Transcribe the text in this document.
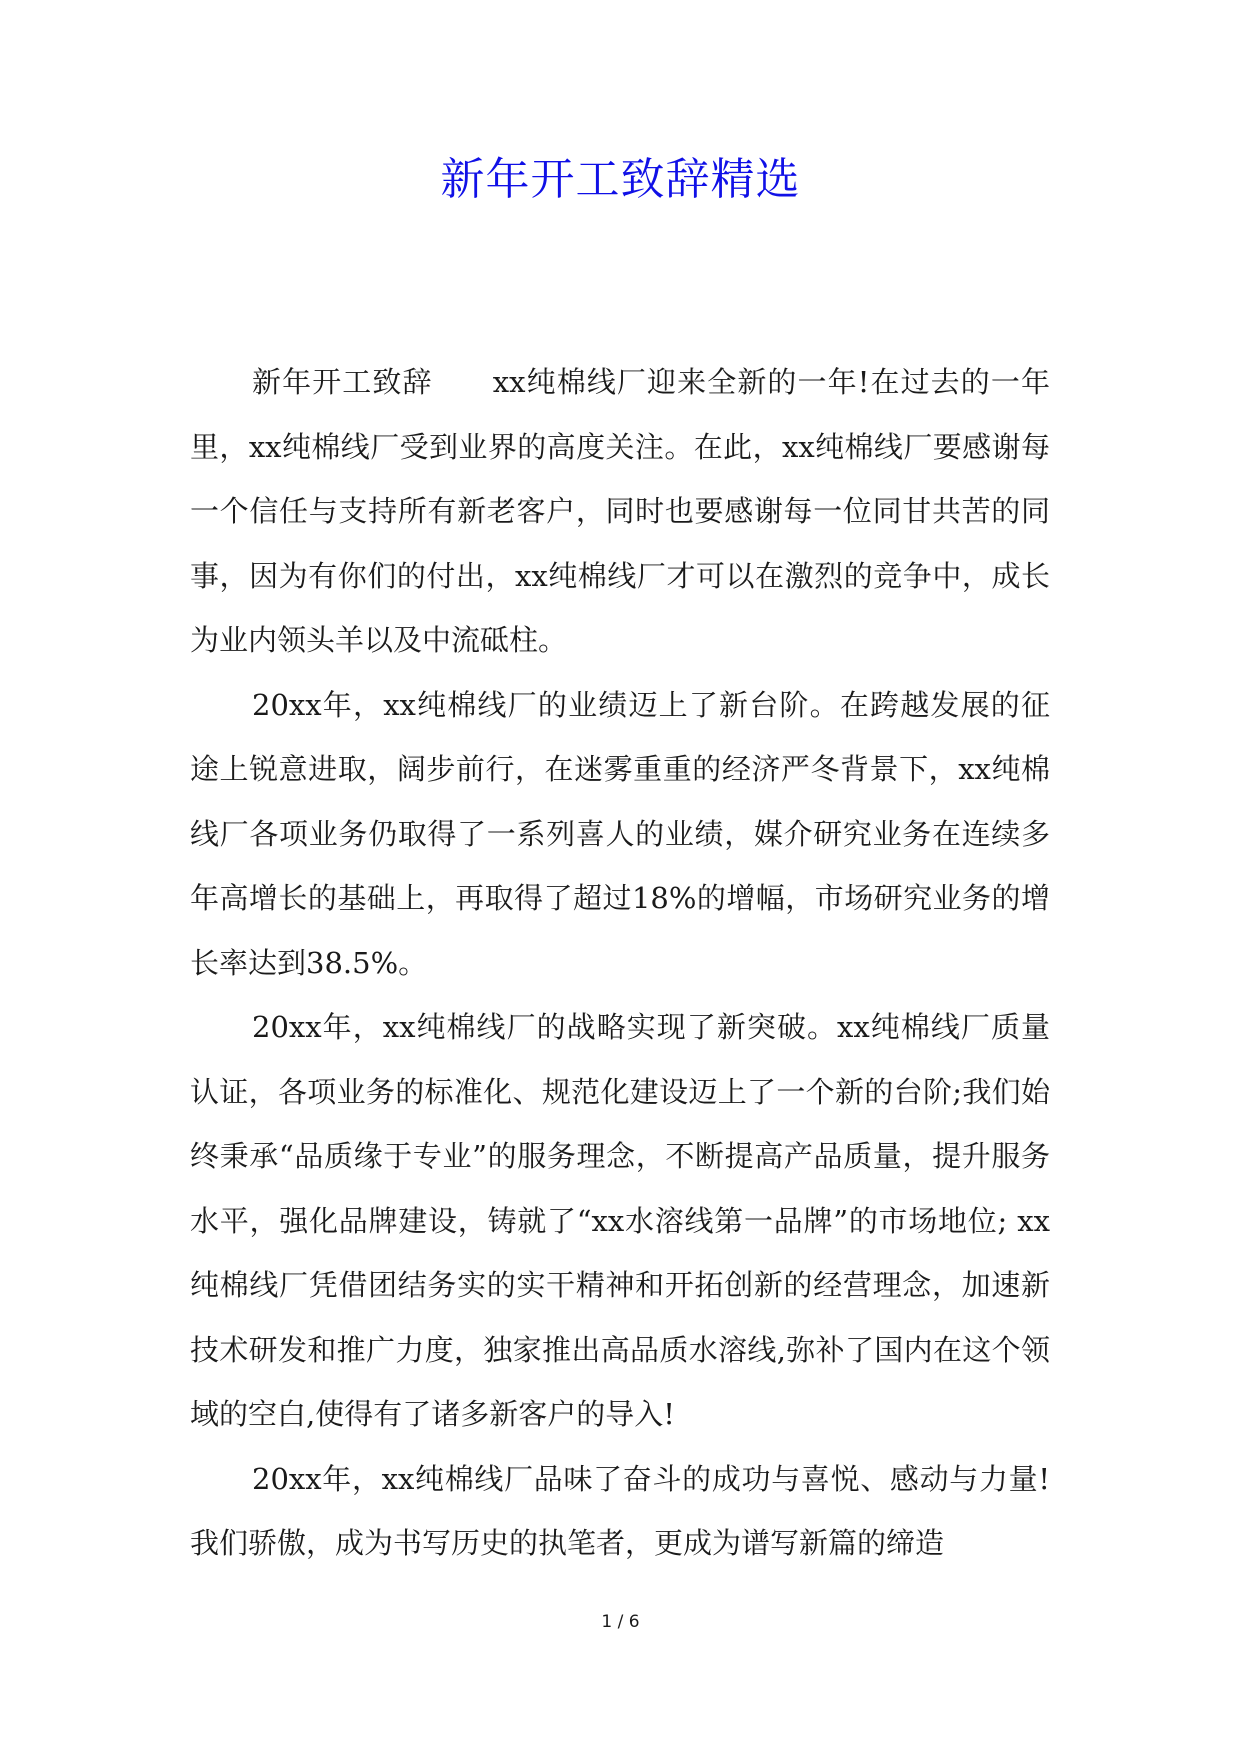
新年开工致辞精选

新年开工致辞　　xx纯棉线厂迎来全新的一年!在过去的一年里，xx纯棉线厂受到业界的高度关注。在此，xx纯棉线厂要感谢每一个信任与支持所有新老客户，同时也要感谢每一位同甘共苦的同事，因为有你们的付出，xx纯棉线厂才可以在激烈的竞争中，成长为业内领头羊以及中流砥柱。

20xx年，xx纯棉线厂的业绩迈上了新台阶。在跨越发展的征途上锐意进取，阔步前行，在迷雾重重的经济严冬背景下，xx纯棉线厂各项业务仍取得了一系列喜人的业绩，媒介研究业务在连续多年高增长的基础上，再取得了超过18%的增幅，市场研究业务的增长率达到38.5%。

20xx年，xx纯棉线厂的战略实现了新突破。xx纯棉线厂质量认证，各项业务的标准化、规范化建设迈上了一个新的台阶;我们始终秉承“品质缘于专业”的服务理念，不断提高产品质量，提升服务水平，强化品牌建设，铸就了“xx水溶线第一品牌”的市场地位; xx纯棉线厂凭借团结务实的实干精神和开拓创新的经营理念，加速新技术研发和推广力度，独家推出高品质水溶线,弥补了国内在这个领域的空白,使得有了诸多新客户的导入!

20xx年，xx纯棉线厂品味了奋斗的成功与喜悦、感动与力量!我们骄傲，成为书写历史的执笔者，更成为谱写新篇的缔造

1 / 6
